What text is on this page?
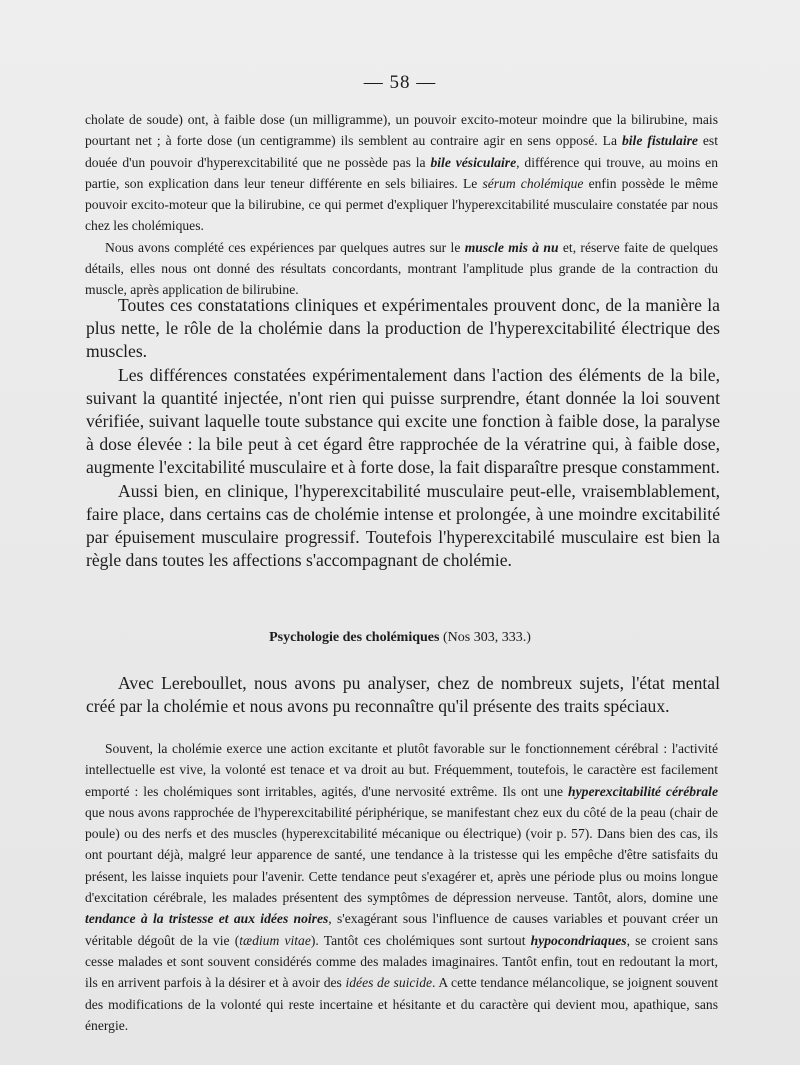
— 58 —

cholate de soude) ont, à faible dose (un milligramme), un pouvoir excito-moteur moindre que la bilirubine, mais pourtant net ; à forte dose (un centigramme) ils semblent au contraire agir en sens opposé. La bile fistulaire est douée d'un pouvoir d'hyperexcitabilité que ne possède pas la bile vésiculaire, différence qui trouve, au moins en partie, son explication dans leur teneur différente en sels biliaires. Le sérum cholémique enfin possède le même pouvoir excito-moteur que la bilirubine, ce qui permet d'expliquer l'hyperexcitabilité musculaire constatée par nous chez les cholémiques.

Nous avons complété ces expériences par quelques autres sur le muscle mis à nu et, réserve faite de quelques détails, elles nous ont donné des résultats concordants, montrant l'amplitude plus grande de la contraction du muscle, après application de bilirubine.

Toutes ces constatations cliniques et expérimentales prouvent donc, de la manière la plus nette, le rôle de la cholémie dans la production de l'hyperexcitabilité électrique des muscles.

Les différences constatées expérimentalement dans l'action des éléments de la bile, suivant la quantité injectée, n'ont rien qui puisse surprendre, étant donnée la loi souvent vérifiée, suivant laquelle toute substance qui excite une fonction à faible dose, la paralyse à dose élevée : la bile peut à cet égard être rapprochée de la vératrine qui, à faible dose, augmente l'excitabilité musculaire et à forte dose, la fait disparaître presque constamment.

Aussi bien, en clinique, l'hyperexcitabilité musculaire peut-elle, vraisemblablement, faire place, dans certains cas de cholémie intense et prolongée, à une moindre excitabilité par épuisement musculaire progressif. Toutefois l'hyperexcitabilé musculaire est bien la règle dans toutes les affections s'accompagnant de cholémie.

Psychologie des cholémiques (Nos 303, 333.)

Avec Lereboullet, nous avons pu analyser, chez de nombreux sujets, l'état mental créé par la cholémie et nous avons pu reconnaître qu'il présente des traits spéciaux.

Souvent, la cholémie exerce une action excitante et plutôt favorable sur le fonctionnement cérébral : l'activité intellectuelle est vive, la volonté est tenace et va droit au but. Fréquemment, toutefois, le caractère est facilement emporté : les cholémiques sont irritables, agités, d'une nervosité extrême. Ils ont une hyperexcitabilité cérébrale que nous avons rapprochée de l'hyperexcitabilité périphérique, se manifestant chez eux du côté de la peau (chair de poule) ou des nerfs et des muscles (hyperexcitabilité mécanique ou électrique) (voir p. 57). Dans bien des cas, ils ont pourtant déjà, malgré leur apparence de santé, une tendance à la tristesse qui les empêche d'être satisfaits du présent, les laisse inquiets pour l'avenir. Cette tendance peut s'exagérer et, après une période plus ou moins longue d'excitation cérébrale, les malades présentent des symptômes de dépression nerveuse. Tantôt, alors, domine une tendance à la tristesse et aux idées noires, s'exagérant sous l'influence de causes variables et pouvant créer un véritable dégoût de la vie (tædium vitae). Tantôt ces cholémiques sont surtout hypocondriaques, se croient sans cesse malades et sont souvent considérés comme des malades imaginaires. Tantôt enfin, tout en redoutant la mort, ils en arrivent parfois à la désirer et à avoir des idées de suicide. A cette tendance mélancolique, se joignent souvent des modifications de la volonté qui reste incertaine et hésitante et du caractère qui devient mou, apathique, sans énergie.
